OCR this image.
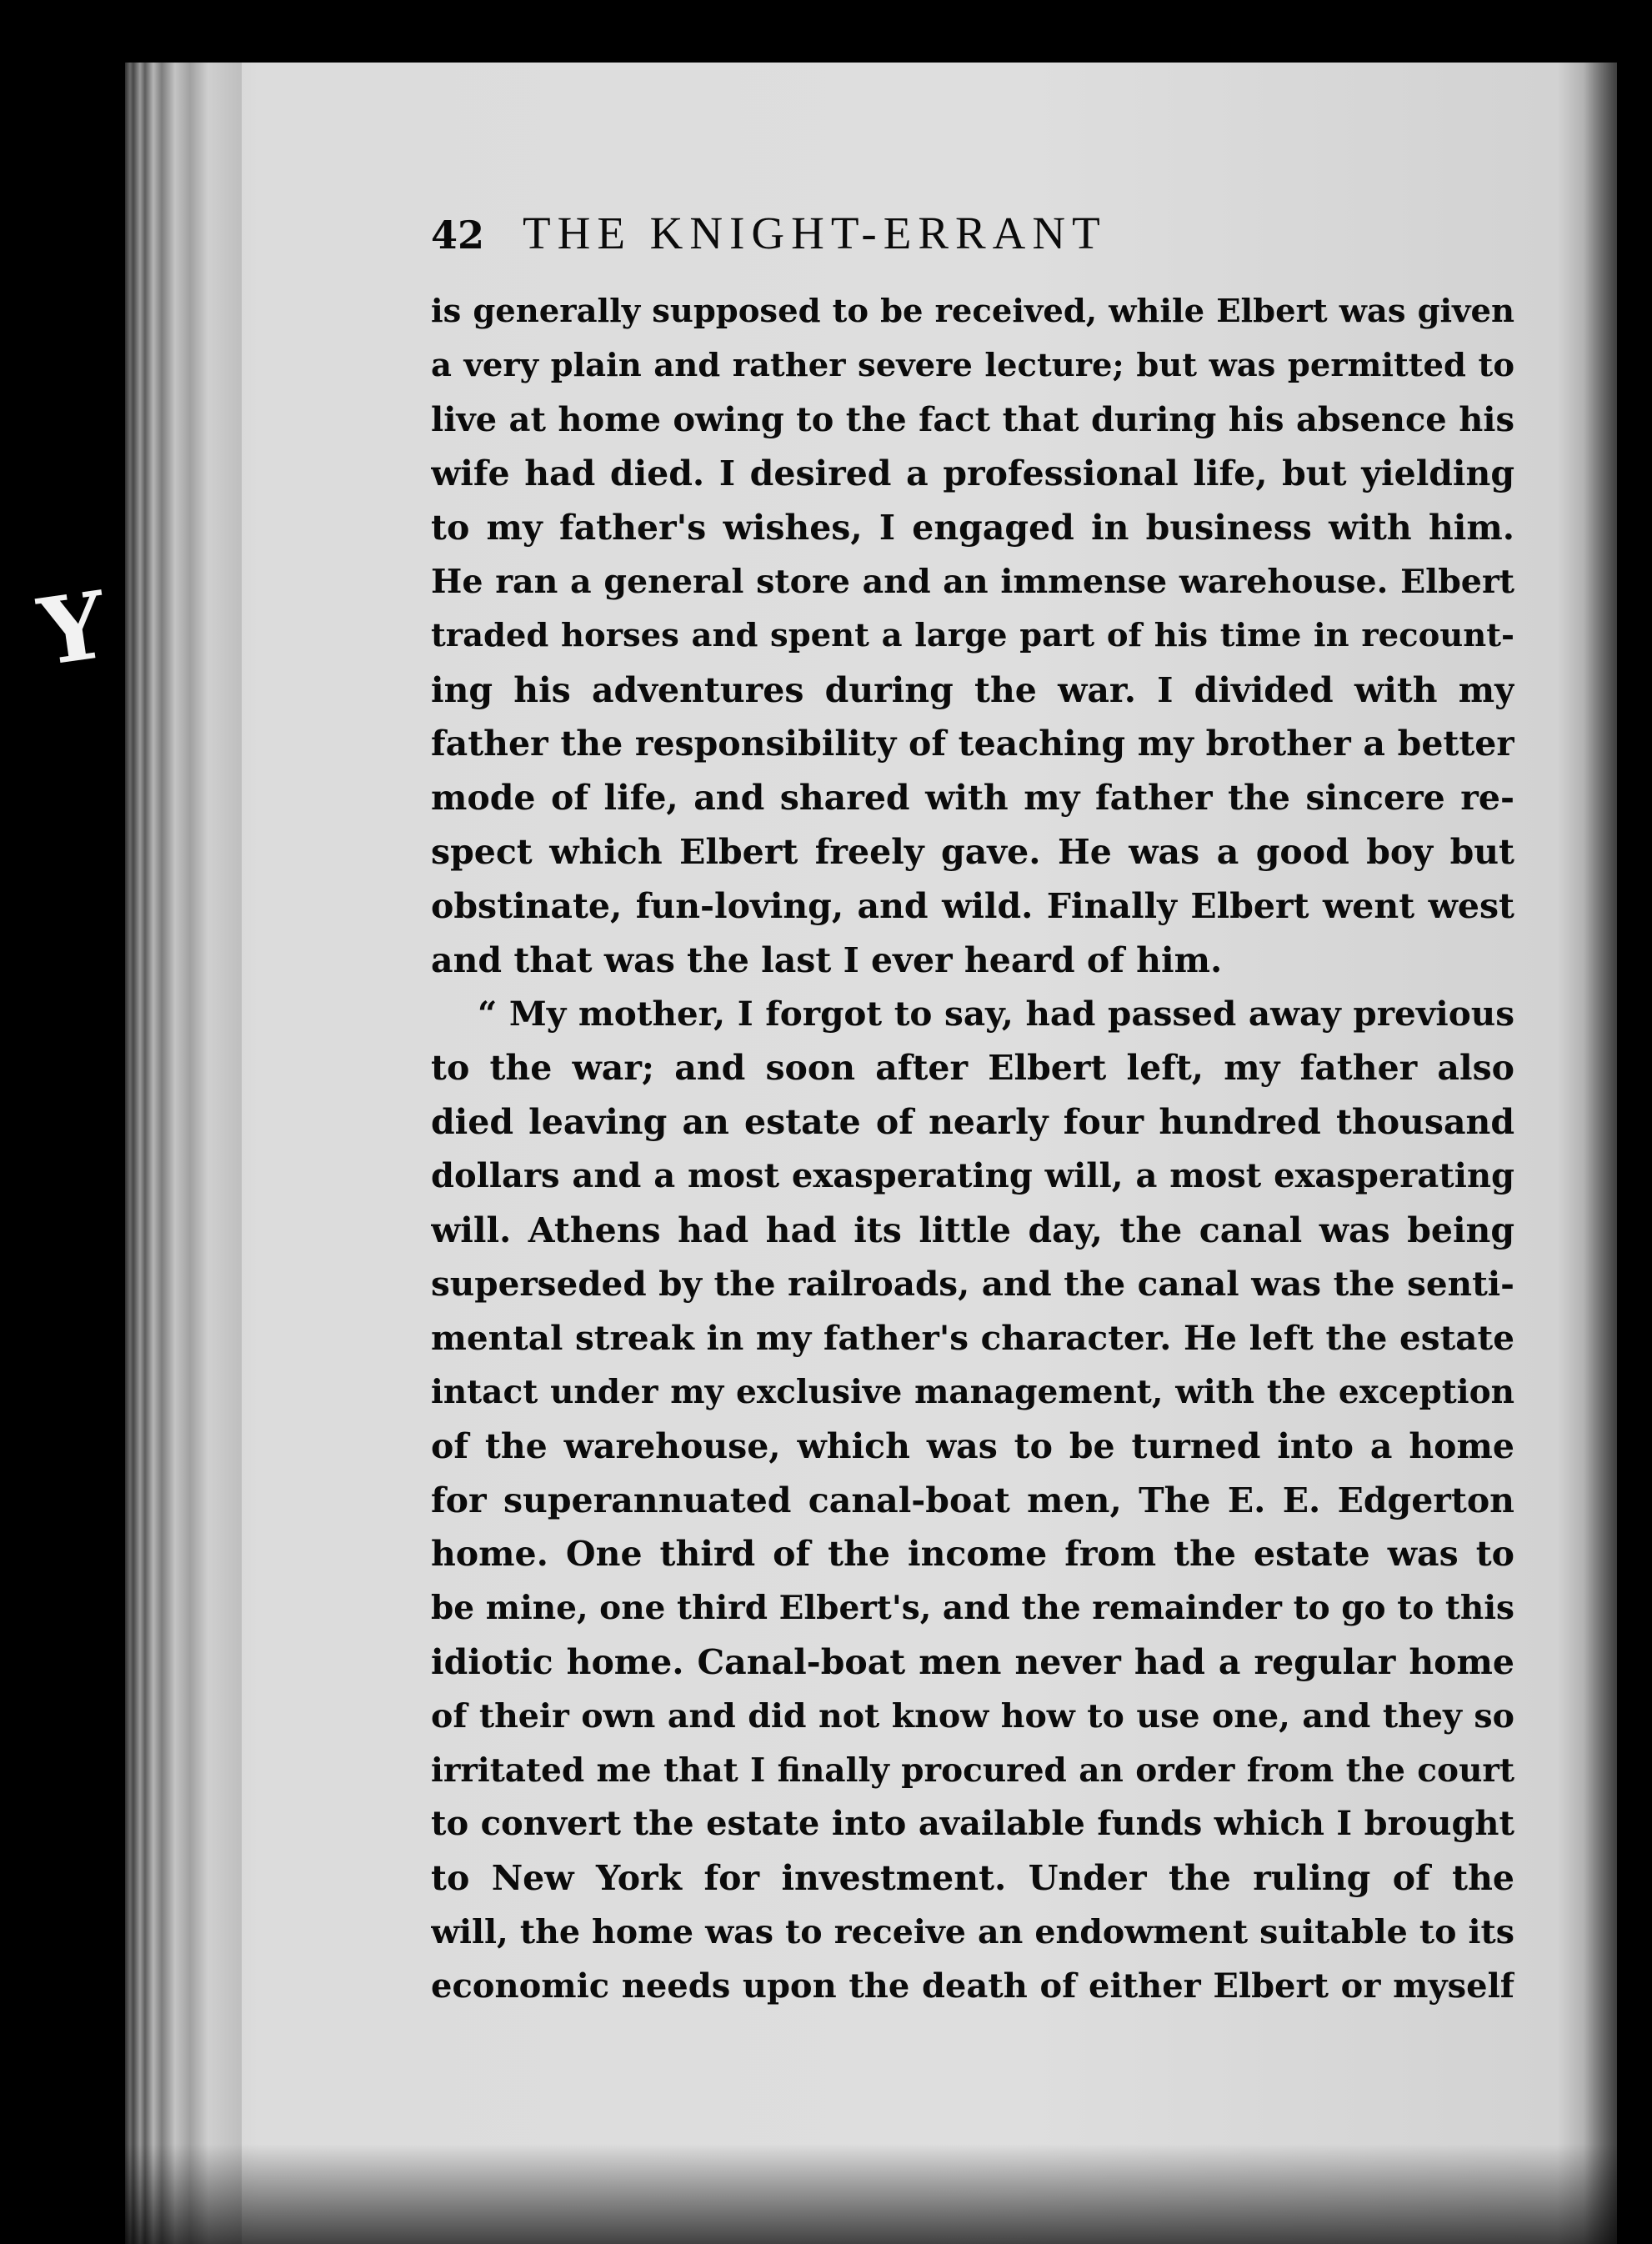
Y
42 THE KNIGHT-ERRANT
is generally supposed to be received, while Elbert was given
a very plain and rather severe lecture; but was permitted to
live at home owing to the fact that during his absence his
wife had died. I desired a professional life, but yielding
to my father's wishes, I engaged in business with him.
He ran a general store and an immense warehouse. Elbert
traded horses and spent a large part of his time in recount-
ing his adventures during the war. I divided with my
father the responsibility of teaching my brother a better
mode of life, and shared with my father the sincere re-
spect which Elbert freely gave. He was a good boy but
obstinate, fun-loving, and wild. Finally Elbert went west
and that was the last I ever heard of him.
“ My mother, I forgot to say, had passed away previous
to the war; and soon after Elbert left, my father also
died leaving an estate of nearly four hundred thousand
dollars and a most exasperating will, a most exasperating
will. Athens had had its little day, the canal was being
superseded by the railroads, and the canal was the senti-
mental streak in my father's character. He left the estate
intact under my exclusive management, with the exception
of the warehouse, which was to be turned into a home
for superannuated canal-boat men, The E. E. Edgerton
home. One third of the income from the estate was to
be mine, one third Elbert's, and the remainder to go to this
idiotic home. Canal-boat men never had a regular home
of their own and did not know how to use one, and they so
irritated me that I finally procured an order from the court
to convert the estate into available funds which I brought
to New York for investment. Under the ruling of the
will, the home was to receive an endowment suitable to its
economic needs upon the death of either Elbert or myself
